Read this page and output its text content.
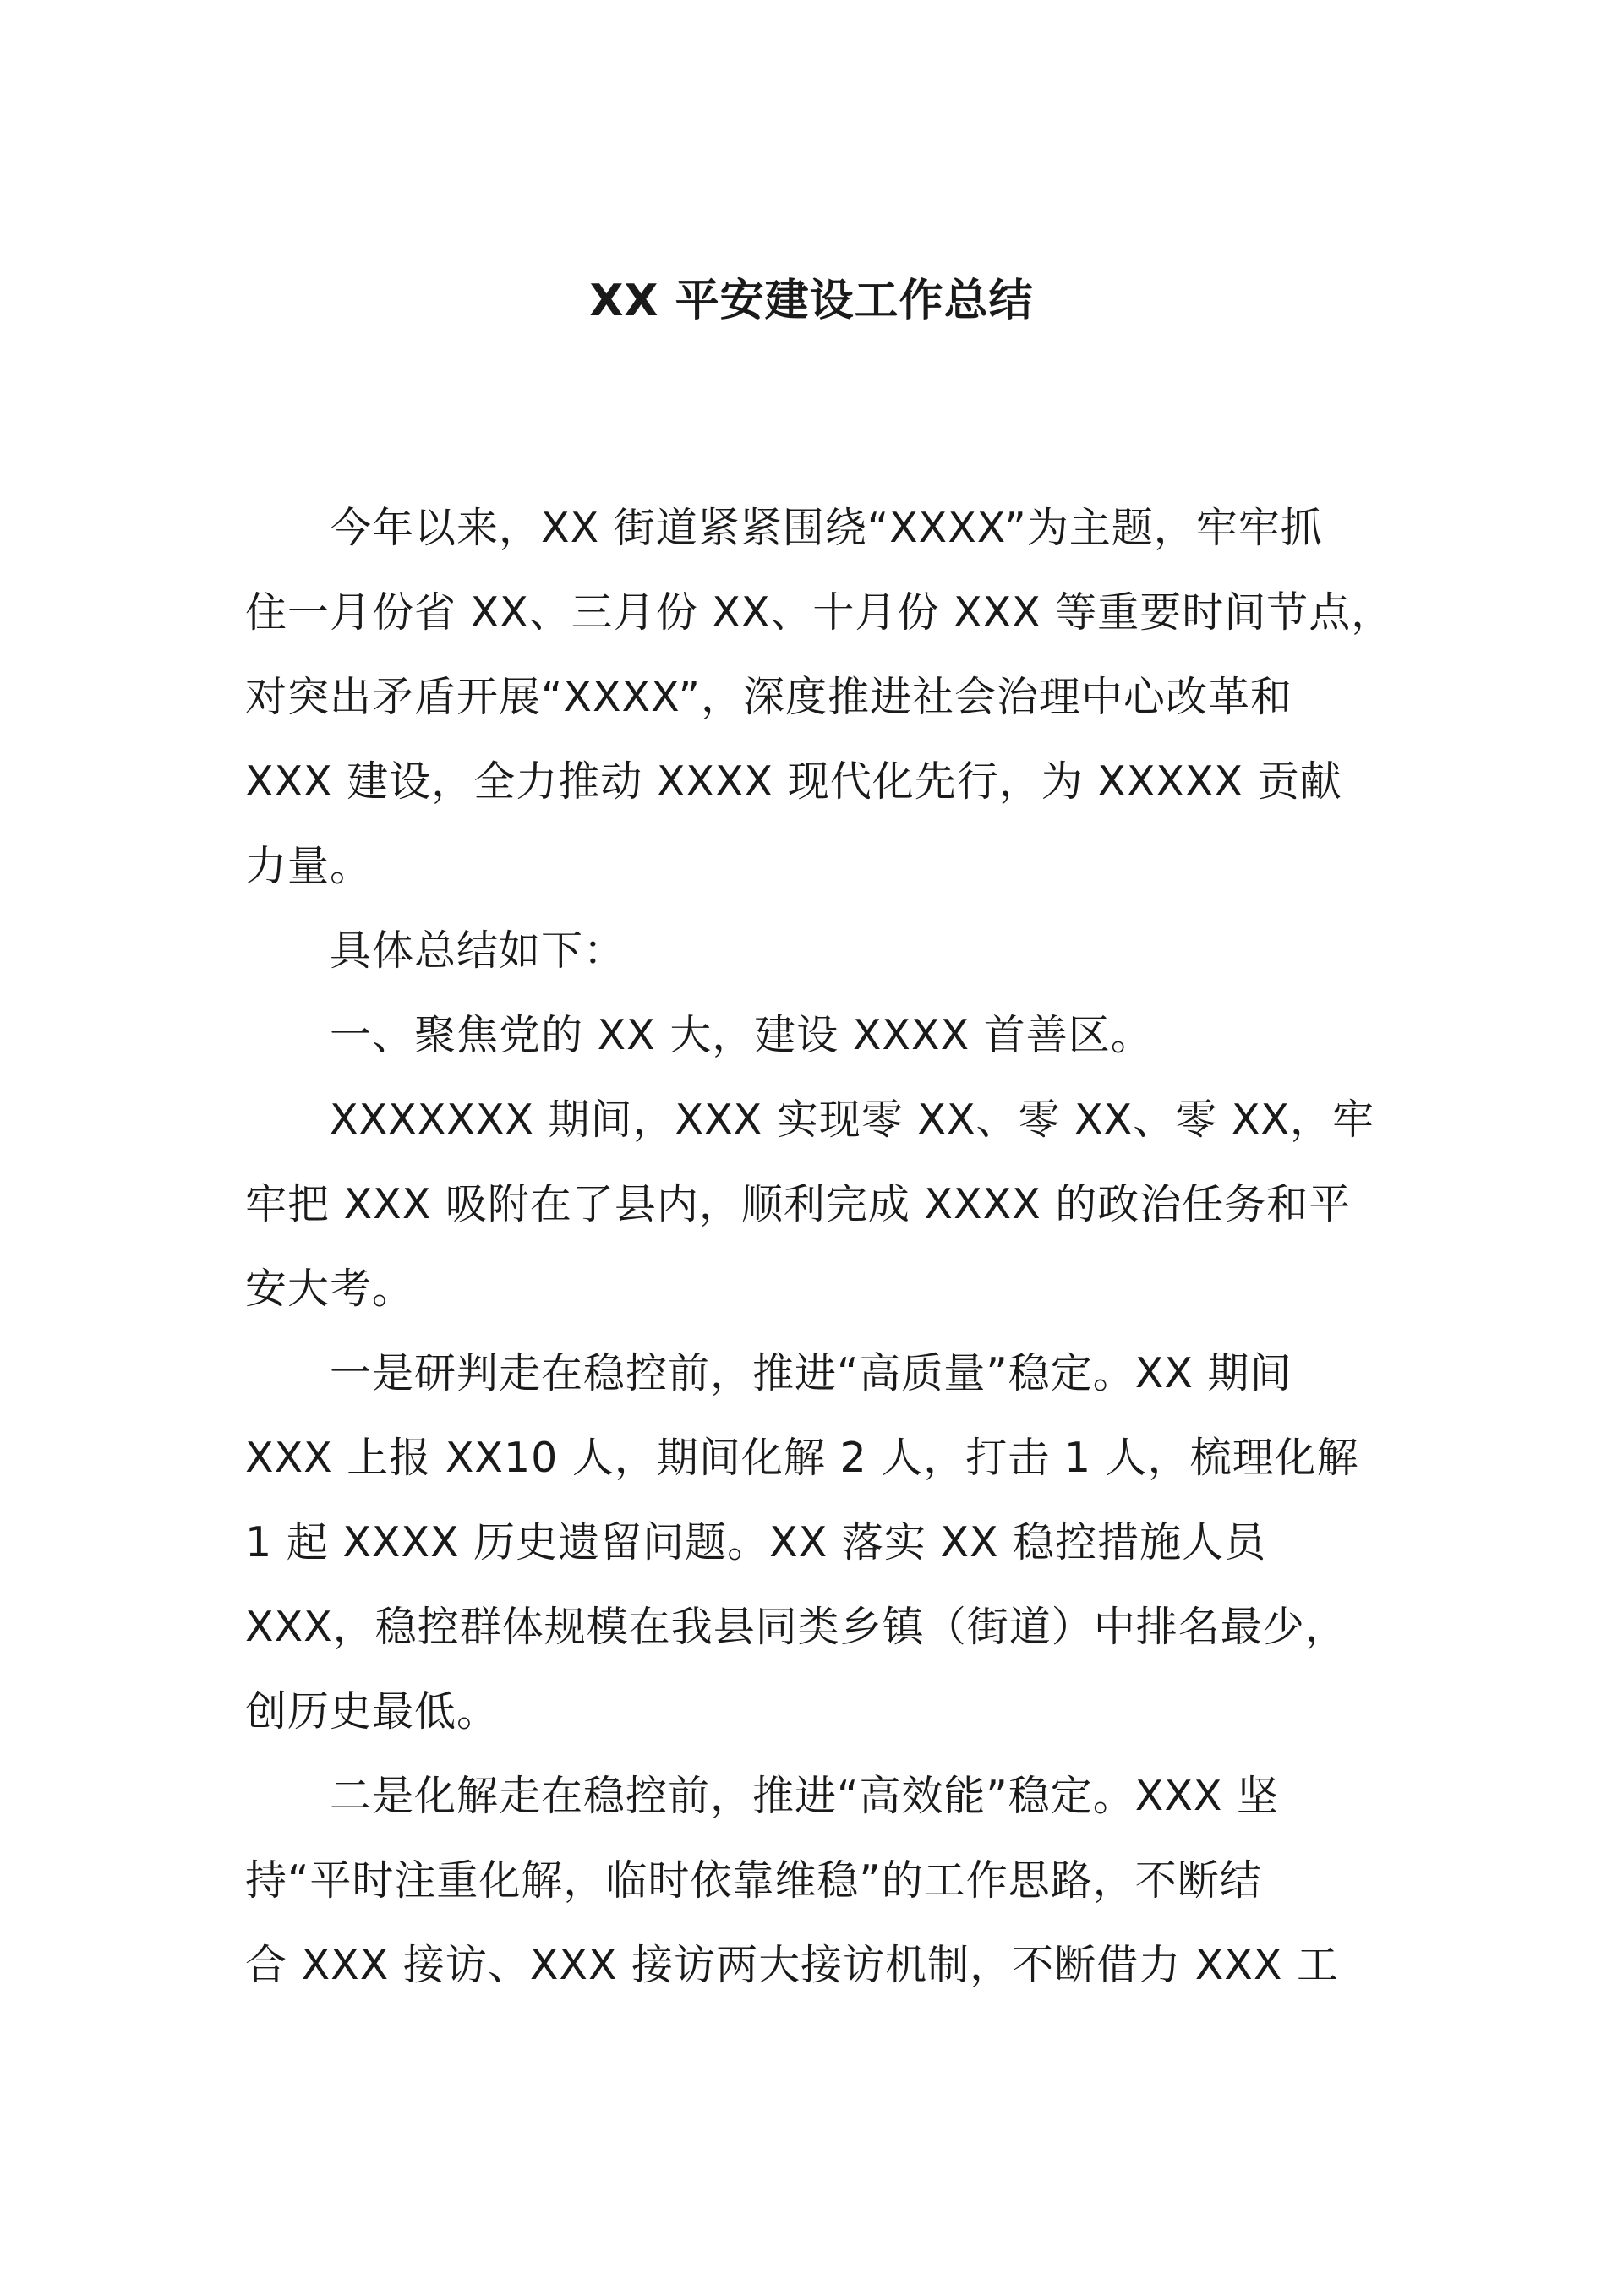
XX 平安建设工作总结
今年以来，XX 街道紧紧围绕“XXXX”为主题，牢牢抓
住一月份省 XX、三月份 XX、十月份 XXX 等重要时间节点，
对突出矛盾开展“XXXX”，深度推进社会治理中心改革和
XXX 建设，全力推动 XXXX 现代化先行，为 XXXXX 贡献
力量。
具体总结如下：
一、聚焦党的 XX 大，建设 XXXX 首善区。
XXXXXXX 期间，XXX 实现零 XX、零 XX、零 XX，牢
牢把 XXX 吸附在了县内，顺利完成 XXXX 的政治任务和平
安大考。
一是研判走在稳控前，推进“高质量”稳定。XX 期间
XXX 上报 XX10 人，期间化解 2 人，打击 1 人，梳理化解
1 起 XXXX 历史遗留问题。XX 落实 XX 稳控措施人员
XXX，稳控群体规模在我县同类乡镇（街道）中排名最少，
创历史最低。
二是化解走在稳控前，推进“高效能”稳定。XXX 坚
持“平时注重化解，临时依靠维稳”的工作思路，不断结
合 XXX 接访、XXX 接访两大接访机制，不断借力 XXX 工
